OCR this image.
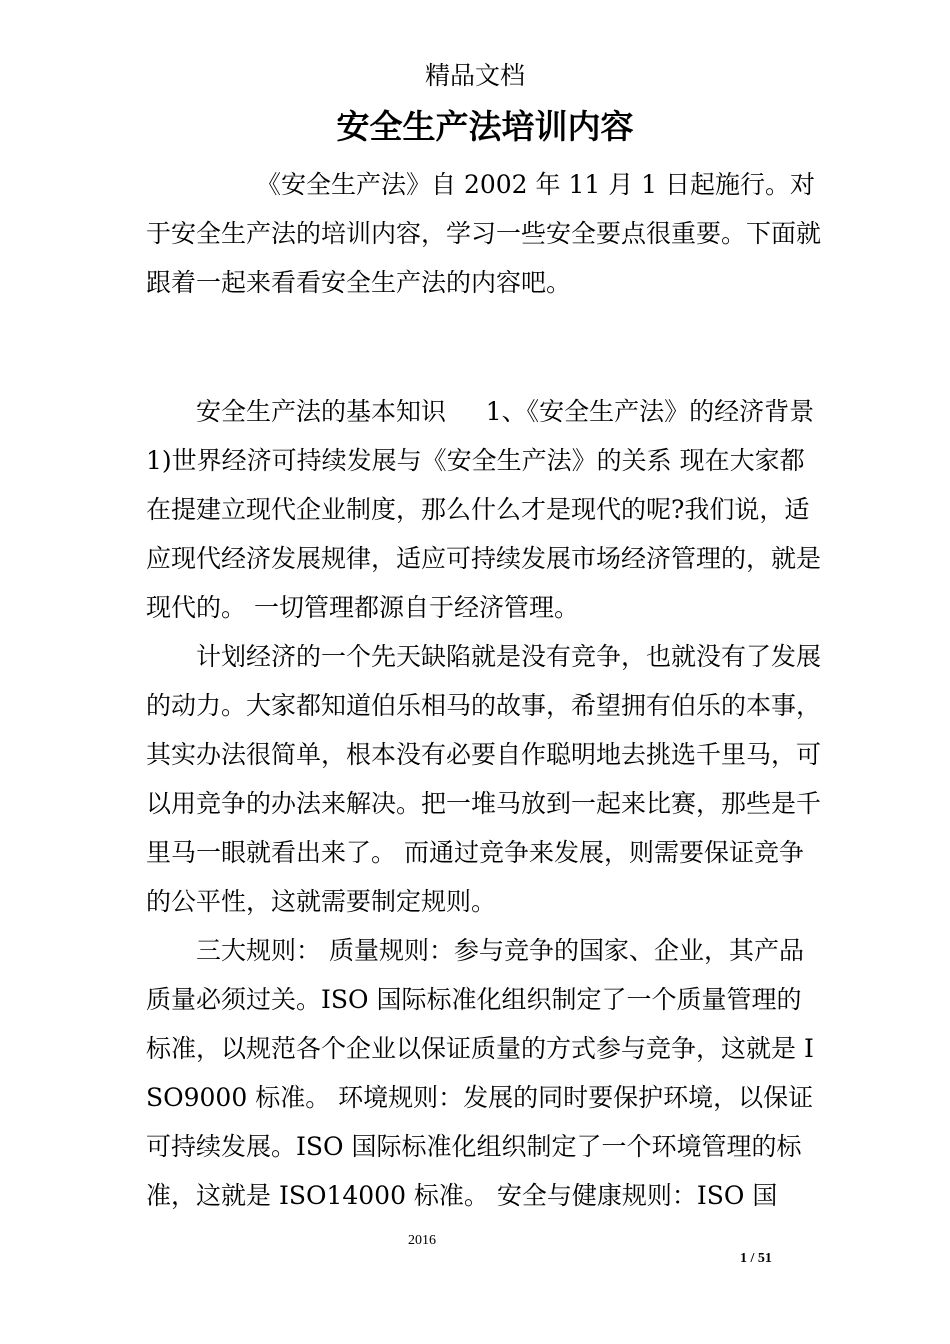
精品文档
安全生产法培训内容

《安全生产法》自 2002 年 11 月 1 日起施行。对于安全生产法的培训内容，学习一些安全要点很重要。下面就跟着一起来看看安全生产法的内容吧。

安全生产法的基本知识     1、《安全生产法》的经济背景 1)世界经济可持续发展与《安全生产法》的关系 现在大家都在提建立现代企业制度，那么什么才是现代的呢?我们说，适应现代经济发展规律，适应可持续发展市场经济管理的，就是现代的。 一切管理都源自于经济管理。

计划经济的一个先天缺陷就是没有竞争，也就没有了发展的动力。大家都知道伯乐相马的故事，希望拥有伯乐的本事，其实办法很简单，根本没有必要自作聪明地去挑选千里马，可以用竞争的办法来解决。把一堆马放到一起来比赛，那些是千里马一眼就看出来了。 而通过竞争来发展，则需要保证竞争的公平性，这就需要制定规则。

三大规则： 质量规则：参与竞争的国家、企业，其产品质量必须过关。ISO 国际标准化组织制定了一个质量管理的标准，以规范各个企业以保证质量的方式参与竞争，这就是 ISO9000 标准。 环境规则：发展的同时要保护环境，以保证可持续发展。ISO 国际标准化组织制定了一个环境管理的标准，这就是 ISO14000 标准。 安全与健康规则：ISO 国

2016
1 / 51
